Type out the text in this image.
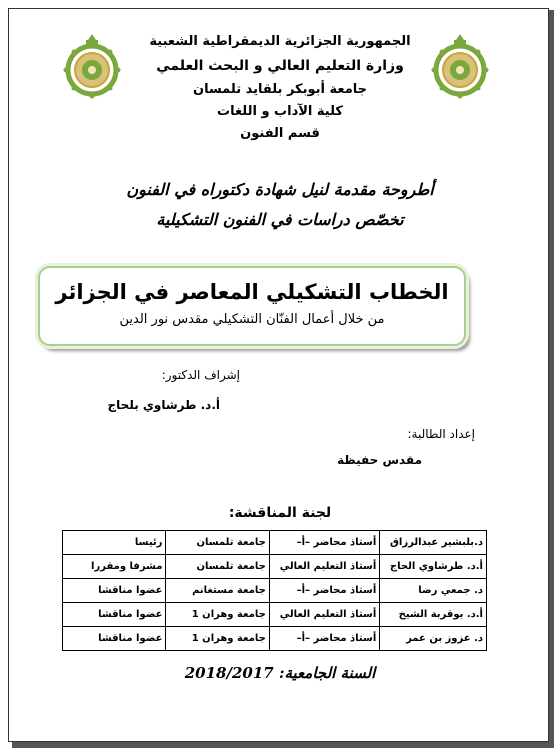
الجمهورية الجزائرية الديمقراطية الشعبية
وزارة التعليم العالي و البحث العلمي
جامعة أبوبكر بلقايد تلمسان
كلية الآداب و اللغات
قسم الفنون
أطروحة مقدمة لنيل شهادة دكتوراه في الفنون
تخصّص دراسات في الفنون التشكيلية
الخطاب التشكيلي المعاصر في الجزائر
من خلال أعمال الفنّان التشكيلي مقدس نور الدين
إشراف الدكتور:
أ.د. طرشاوي بلحاج
إعداد الطالبة:
مقدس حفيظة
لجنة المناقشة:
د.بلبشير عبدالرزاق	أستاذ محاضر –أ–	جامعة تلمسان	رئيسا
أ.د. طرشاوي الحاج	أستاذ التعليم العالي	جامعة تلمسان	مشرفا ومقررا
د. جمعي رضا	أستاذ محاضر –أ–	جامعة مستغانم	عضوا مناقشا
أ.د. بوقربة الشيخ	أستاذ التعليم العالي	جامعة وهران 1	عضوا مناقشا
د. عزوز بن عمر	أستاذ محاضر –أ–	جامعة وهران 1	عضوا مناقشا
السنة الجامعية: 2018/2017
